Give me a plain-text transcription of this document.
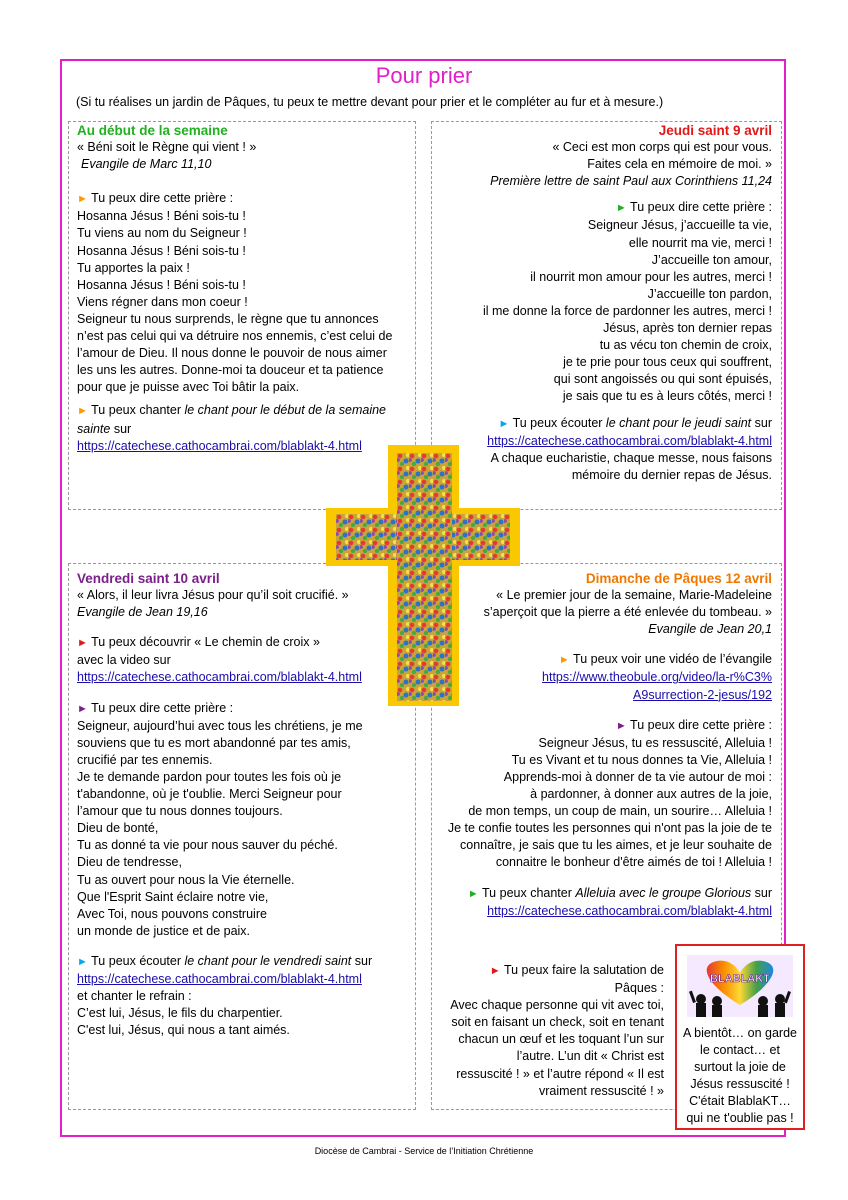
Pour prier
(Si tu réalises un jardin de Pâques, tu peux te mettre devant pour prier et le compléter au fur et à mesure.)
Au début de la semaine
« Béni soit le Règne qui vient ! »
Evangile de Marc 11,10
► Tu peux dire cette prière :
Hosanna Jésus ! Béni sois-tu !
Tu viens au nom du Seigneur !
Hosanna Jésus ! Béni sois-tu !
Tu apportes la paix !
Hosanna Jésus ! Béni sois-tu !
Viens régner dans mon coeur !
Seigneur tu nous surprends, le règne que tu annonces
n’est pas celui qui va détruire nos ennemis, c’est celui de
l’amour de Dieu. Il nous donne le pouvoir de nous aimer
les uns les autres. Donne-moi ta douceur et ta patience
pour que je puisse avec Toi bâtir la paix.
► Tu peux chanter le chant pour le début de la semaine sainte sur
https://catechese.cathocambrai.com/blablakt-4.html
Jeudi saint 9 avril
« Ceci est mon corps qui est pour vous.
Faites cela en mémoire de moi. »
Première lettre de saint Paul aux Corinthiens 11,24
► Tu peux dire cette prière :
Seigneur Jésus, j’accueille ta vie,
elle nourrit ma vie, merci !
J’accueille ton amour,
il nourrit mon amour pour les autres, merci !
J’accueille ton pardon,
il me donne la force de pardonner les autres, merci !
Jésus, après ton dernier repas
tu as vécu ton chemin de croix,
je te prie pour tous ceux qui souffrent,
qui sont angoissés ou qui sont épuisés,
je sais que tu es à leurs côtés, merci !
► Tu peux écouter le chant pour le jeudi saint sur
https://catechese.cathocambrai.com/blablakt-4.html
A chaque eucharistie, chaque messe, nous faisons
mémoire du dernier repas de Jésus.
Vendredi saint 10 avril
« Alors, il leur livra Jésus pour qu’il soit crucifié. »
Evangile de Jean 19,16
► Tu peux découvrir « Le chemin de croix »
avec la video sur
https://catechese.cathocambrai.com/blablakt-4.html
► Tu peux dire cette prière :
Seigneur, aujourd’hui avec tous les chrétiens, je me
souviens que tu es mort abandonné par tes amis,
crucifié par tes ennemis.
Je te demande pardon pour toutes les fois où je
t'abandonne, où je t'oublie. Merci Seigneur pour
l’amour que tu nous donnes toujours.
Dieu de bonté,
Tu as donné ta vie pour nous sauver du péché.
Dieu de tendresse,
Tu as ouvert pour nous la Vie éternelle.
Que l'Esprit Saint éclaire notre vie,
Avec Toi, nous pouvons construire
un monde de justice et de paix.
► Tu peux écouter le chant pour le vendredi saint sur
https://catechese.cathocambrai.com/blablakt-4.html
et chanter le refrain :
C’est lui, Jésus, le fils du charpentier.
C'est lui, Jésus, qui nous a tant aimés.
Dimanche de Pâques 12 avril
« Le premier jour de la semaine, Marie-Madeleine
s’aperçoit que la pierre a été enlevée du tombeau. »
Evangile de Jean 20,1
► Tu peux voir une vidéo de l’évangile
https://www.theobule.org/video/la-r%C3%
A9surrection-2-jesus/192
► Tu peux dire cette prière :
Seigneur Jésus, tu es ressuscité, Alleluia !
Tu es Vivant et tu nous donnes ta Vie, Alleluia !
Apprends-moi à donner de ta vie autour de moi :
à pardonner, à donner aux autres de la joie,
de mon temps, un coup de main, un sourire… Alleluia !
Je te confie toutes les personnes qui n'ont pas la joie de te
connaître, je sais que tu les aimes, et je leur souhaite de
connaitre le bonheur d'être aimés de toi ! Alleluia !
► Tu peux chanter Alleluia avec le groupe Glorious sur
https://catechese.cathocambrai.com/blablakt-4.html
► Tu peux faire la salutation de
Pâques :
Avec chaque personne qui vit avec toi,
soit en faisant un check, soit en tenant
chacun un œuf et les toquant l’un sur
l’autre. L’un dit « Christ est
ressuscité ! » et l’autre répond « Il est
vraiment ressuscité ! »
BLABLAKT
A bientôt… on garde
le contact… et
surtout la joie de
Jésus ressuscité !
C'était BlablaKT…
qui ne t'oublie pas !
Diocèse de Cambrai - Service de l’Initiation Chrétienne
